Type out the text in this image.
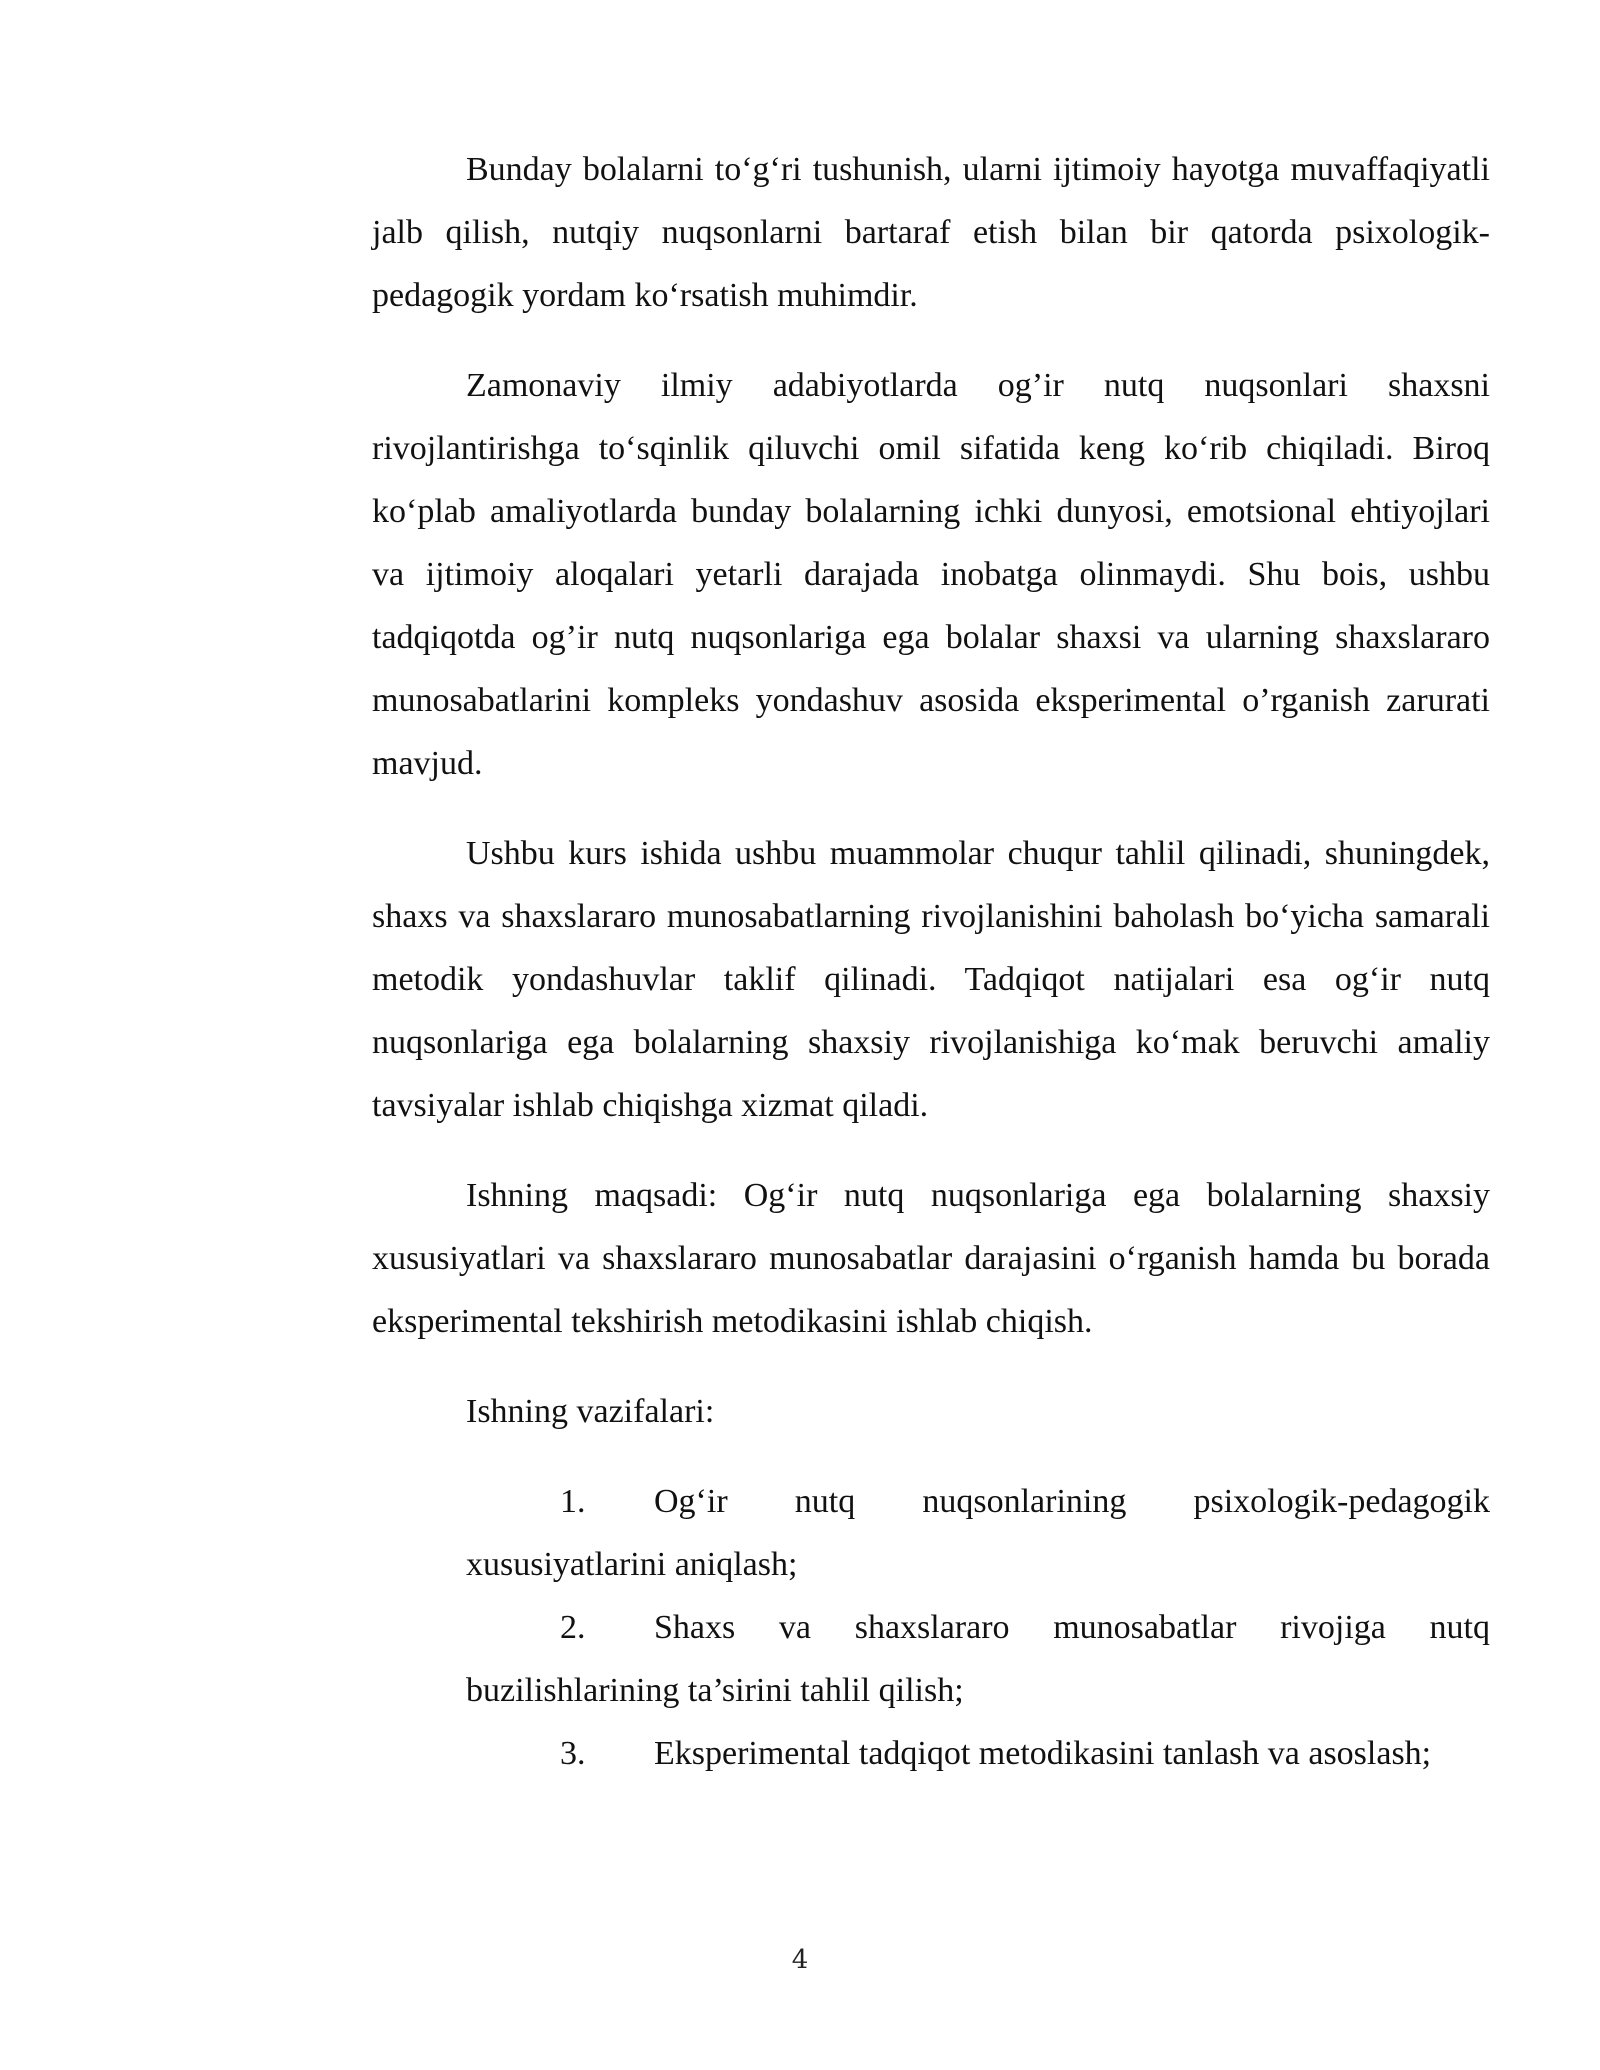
Bunday bolalarni to‘g‘ri tushunish, ularni ijtimoiy hayotga muvaffaqiyatli jalb qilish, nutqiy nuqsonlarni bartaraf etish bilan bir qatorda psixologik-pedagogik yordam ko‘rsatish muhimdir.

Zamonaviy ilmiy adabiyotlarda og’ir nutq nuqsonlari shaxsni rivojlantirishga to‘sqinlik qiluvchi omil sifatida keng ko‘rib chiqiladi. Biroq ko‘plab amaliyotlarda bunday bolalarning ichki dunyosi, emotsional ehtiyojlari va ijtimoiy aloqalari yetarli darajada inobatga olinmaydi. Shu bois, ushbu tadqiqotda og’ir nutq nuqsonlariga ega bolalar shaxsi va ularning shaxslararo munosabatlarini kompleks yondashuv asosida eksperimental o’rganish zarurati mavjud.

Ushbu kurs ishida ushbu muammolar chuqur tahlil qilinadi, shuningdek, shaxs va shaxslararo munosabatlarning rivojlanishini baholash bo‘yicha samarali metodik yondashuvlar taklif qilinadi. Tadqiqot natijalari esa og‘ir nutq nuqsonlariga ega bolalarning shaxsiy rivojlanishiga ko‘mak beruvchi amaliy tavsiyalar ishlab chiqishga xizmat qiladi.

Ishning maqsadi: Og‘ir nutq nuqsonlariga ega bolalarning shaxsiy xususiyatlari va shaxslararo munosabatlar darajasini o‘rganish hamda bu borada eksperimental tekshirish metodikasini ishlab chiqish.

Ishning vazifalari:
1. Og‘ir nutq nuqsonlarining psixologik-pedagogik xususiyatlarini aniqlash;
2. Shaxs va shaxslararo munosabatlar rivojiga nutq buzilishlarining ta’sirini tahlil qilish;
3. Eksperimental tadqiqot metodikasini tanlash va asoslash;
4
